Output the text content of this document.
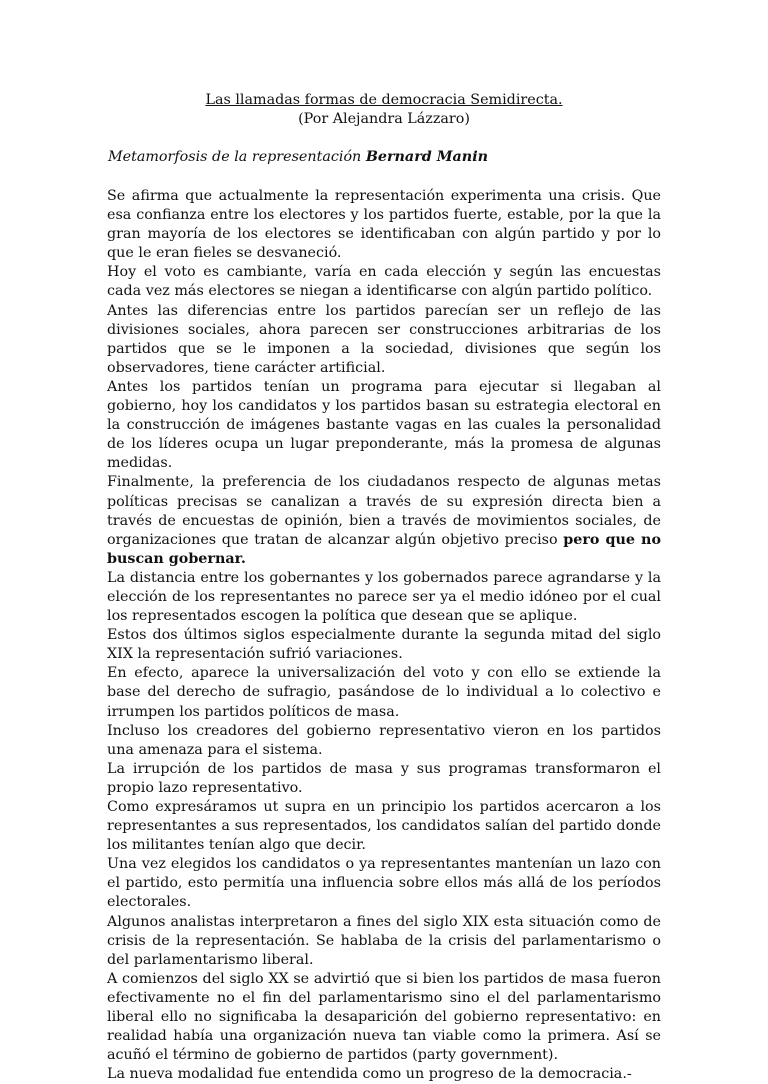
Las llamadas formas de democracia Semidirecta.
(Por Alejandra Lázzaro)
Metamorfosis de la representación Bernard Manin

Se afirma que actualmente la representación experimenta una crisis. Que esa confianza entre los electores y los partidos fuerte, estable, por la que la gran mayoría de los electores se identificaban con algún partido y por lo que le eran fieles se desvaneció.

Hoy el voto es cambiante, varía en cada elección y según las encuestas cada vez más electores se niegan a identificarse con algún partido político.

Antes las diferencias entre los partidos parecían ser un reflejo de las divisiones sociales, ahora parecen ser construcciones arbitrarias de los partidos que se le imponen a la sociedad, divisiones que según los observadores, tiene carácter artificial.

Antes los partidos tenían un programa para ejecutar si llegaban al gobierno, hoy los candidatos y los partidos basan su estrategia electoral en la construcción de imágenes bastante vagas en las cuales la personalidad de los líderes ocupa un lugar preponderante, más la promesa de algunas medidas.

Finalmente, la preferencia de los ciudadanos respecto de algunas metas políticas precisas se canalizan a través de su expresión directa bien a través de encuestas de opinión, bien a través de movimientos sociales, de organizaciones que tratan de alcanzar algún objetivo preciso pero que no buscan gobernar.

La distancia entre los gobernantes y los gobernados parece agrandarse y la elección de los representantes no parece ser ya el medio idóneo por el cual los representados escogen la política que desean que se aplique.

Estos dos últimos siglos especialmente durante la segunda mitad del siglo XIX la representación sufrió variaciones.

En efecto, aparece la universalización del voto y con ello se extiende la base del derecho de sufragio, pasándose de lo individual a lo colectivo e irrumpen los partidos políticos de masa.

Incluso los creadores del gobierno representativo vieron en los partidos una amenaza para el sistema.

La irrupción de los partidos de masa y sus programas transformaron el propio lazo representativo.

Como expresáramos ut supra en un principio los partidos acercaron a los representantes a sus representados, los candidatos salían del partido donde los militantes tenían algo que decir.

Una vez elegidos los candidatos o ya representantes mantenían un lazo con el partido, esto permitía una influencia sobre ellos más allá de los períodos electorales.

Algunos analistas interpretaron a fines del siglo XIX esta situación como de crisis de la representación. Se hablaba de la crisis del parlamentarismo o del parlamentarismo liberal.

A comienzos del siglo XX se advirtió que si bien los partidos de masa fueron efectivamente no el fin del parlamentarismo sino el del parlamentarismo liberal ello no significaba la desaparición del gobierno representativo: en realidad había una organización nueva tan viable como la primera. Así se acuñó el término de gobierno de partidos (party government).

La nueva modalidad fue entendida como un progreso de la democracia.-
